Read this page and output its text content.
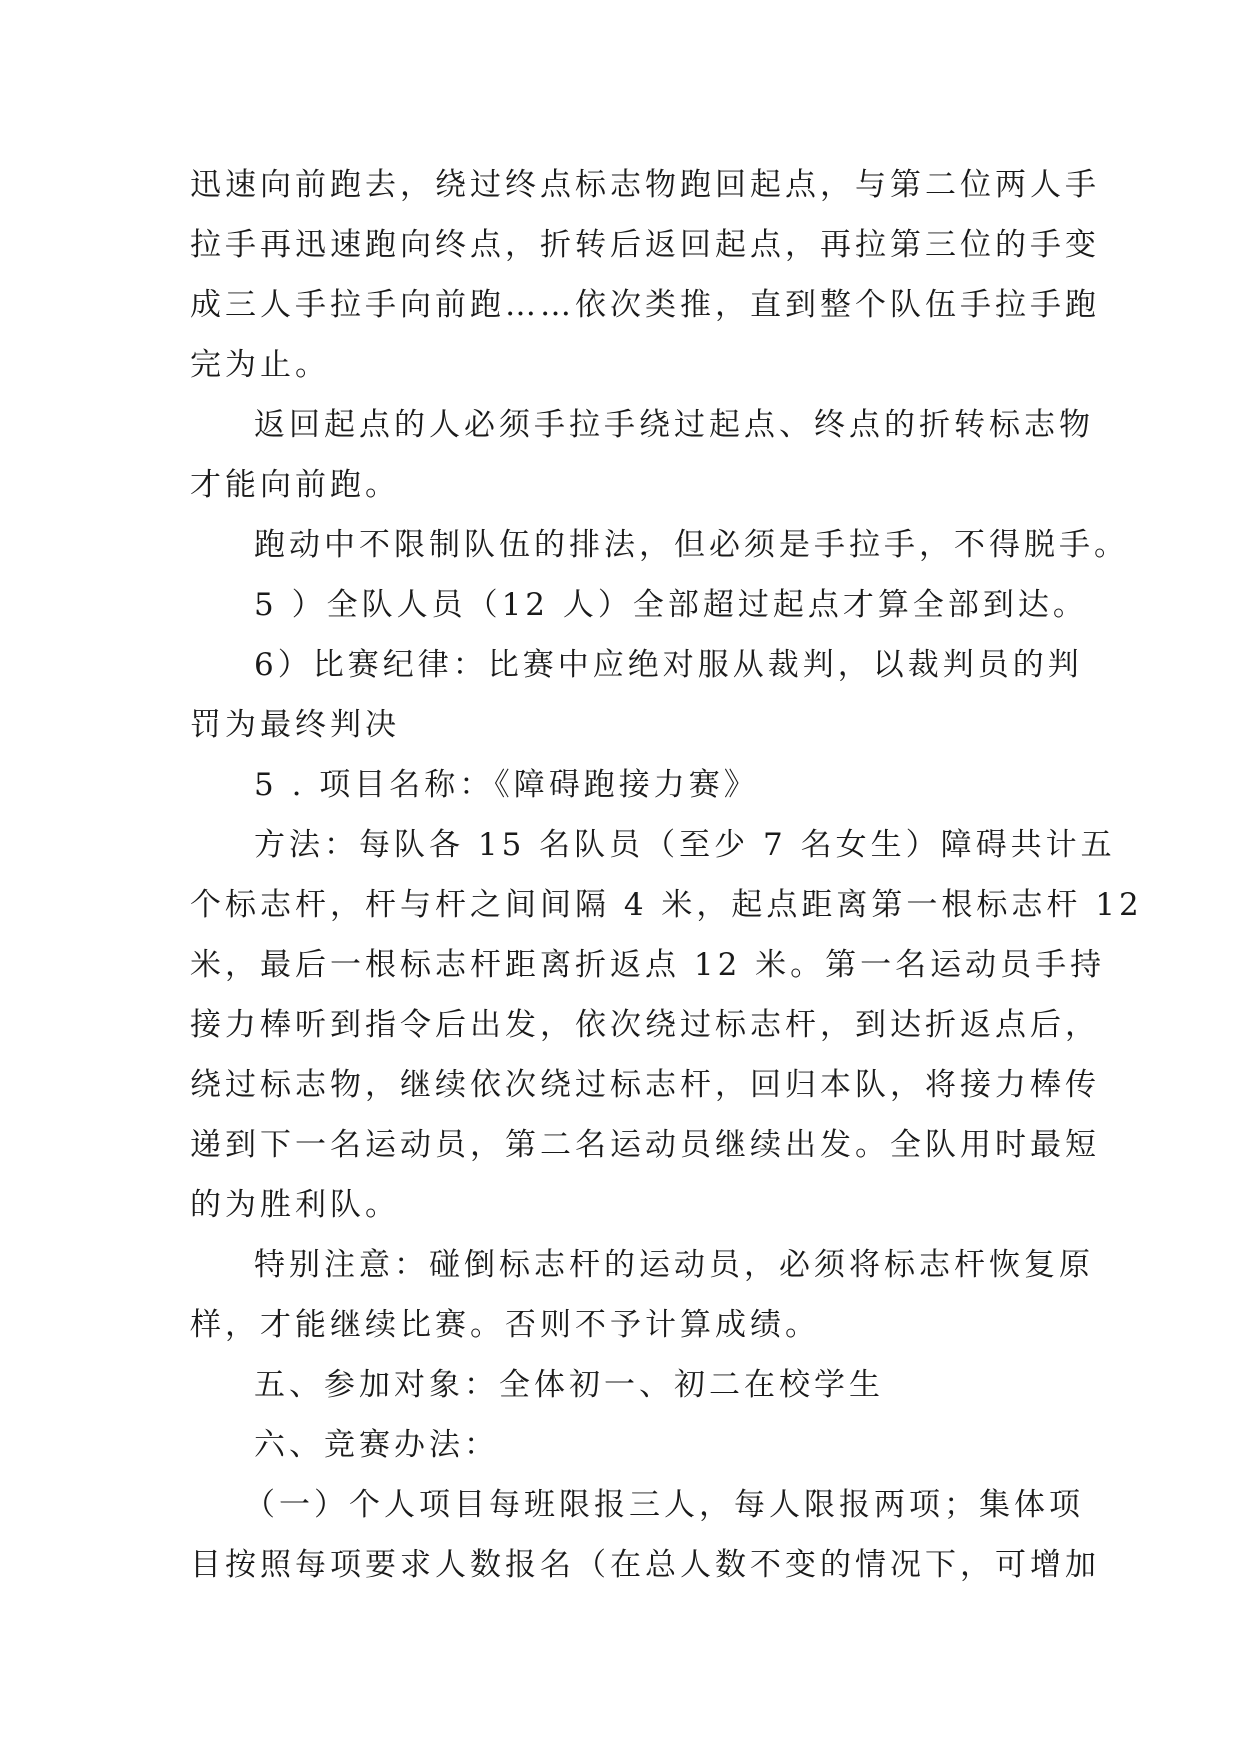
迅速向前跑去，绕过终点标志物跑回起点，与第二位两人手
拉手再迅速跑向终点，折转后返回起点，再拉第三位的手变
成三人手拉手向前跑……依次类推，直到整个队伍手拉手跑
完为止。
返回起点的人必须手拉手绕过起点、终点的折转标志物
才能向前跑。
跑动中不限制队伍的排法，但必须是手拉手，不得脱手。
5 ）全队人员（12 人）全部超过起点才算全部到达。
6）比赛纪律：比赛中应绝对服从裁判，以裁判员的判
罚为最终判决
5 . 项目名称：《障碍跑接力赛》
方法：每队各 15 名队员（至少 7 名女生）障碍共计五
个标志杆，杆与杆之间间隔 4 米，起点距离第一根标志杆 12
米，最后一根标志杆距离折返点 12 米。第一名运动员手持
接力棒听到指令后出发，依次绕过标志杆，到达折返点后，
绕过标志物，继续依次绕过标志杆，回归本队，将接力棒传
递到下一名运动员，第二名运动员继续出发。全队用时最短
的为胜利队。
特别注意：碰倒标志杆的运动员，必须将标志杆恢复原
样，才能继续比赛。否则不予计算成绩。
五、参加对象：全体初一、初二在校学生
六、竞赛办法：
（一）个人项目每班限报三人，每人限报两项；集体项
目按照每项要求人数报名（在总人数不变的情况下，可增加
